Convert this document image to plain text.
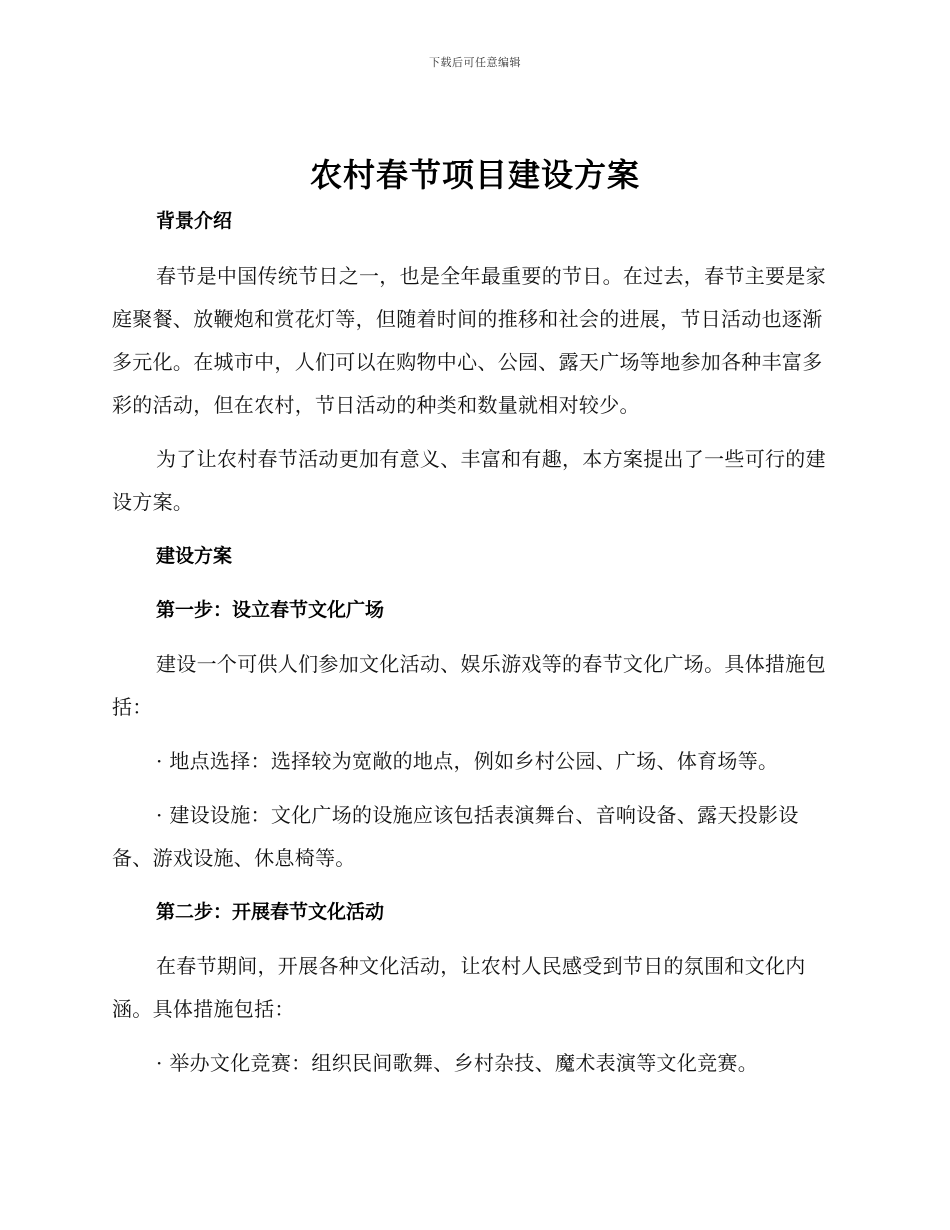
下载后可任意编辑
农村春节项目建设方案

背景介绍

春节是中国传统节日之一，也是全年最重要的节日。在过去，春节主要是家庭聚餐、放鞭炮和赏花灯等，但随着时间的推移和社会的进展，节日活动也逐渐多元化。在城市中，人们可以在购物中心、公园、露天广场等地参加各种丰富多彩的活动，但在农村，节日活动的种类和数量就相对较少。

为了让农村春节活动更加有意义、丰富和有趣，本方案提出了一些可行的建设方案。

建设方案

第一步：设立春节文化广场

建设一个可供人们参加文化活动、娱乐游戏等的春节文化广场。具体措施包括：

· 地点选择：选择较为宽敞的地点，例如乡村公园、广场、体育场等。

· 建设设施：文化广场的设施应该包括表演舞台、音响设备、露天投影设备、游戏设施、休息椅等。

第二步：开展春节文化活动

在春节期间，开展各种文化活动，让农村人民感受到节日的氛围和文化内涵。具体措施包括：

· 举办文化竞赛：组织民间歌舞、乡村杂技、魔术表演等文化竞赛。
